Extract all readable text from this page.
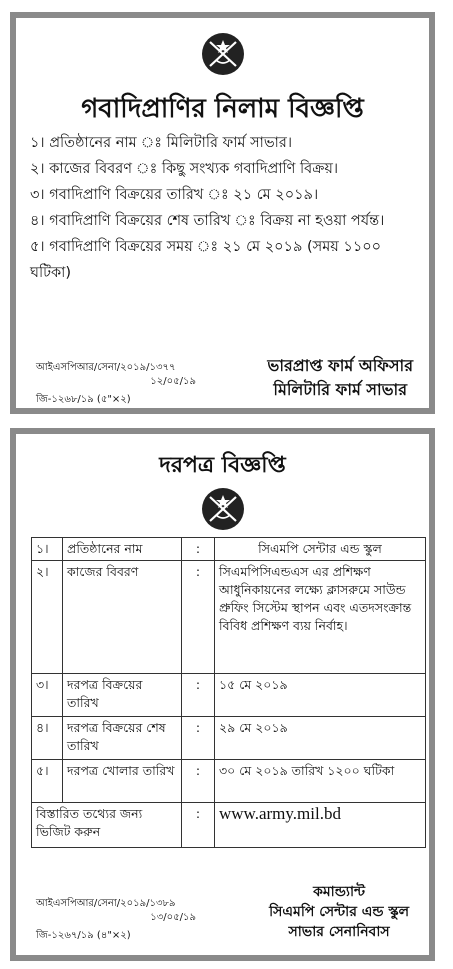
গবাদিপ্রাণির নিলাম বিজ্ঞপ্তি

১। প্রতিষ্ঠানের নাম ঃ মিলিটারি ফার্ম সাভার।

২। কাজের বিবরণ ঃ কিছু সংখ্যক গবাদিপ্রাণি বিক্রয়।

৩। গবাদিপ্রাণি বিক্রয়ের তারিখ ঃ ২১ মে ২০১৯।

৪। গবাদিপ্রাণি বিক্রয়ের শেষ তারিখ ঃ বিক্রয় না হওয়া পর্যন্ত।

৫। গবাদিপ্রাণি বিক্রয়ের সময় ঃ ২১ মে ২০১৯ (সময় ১১০০ ঘটিকা)

আইএসপিআর/সেনা/২০১৯/১৩৭৭
১২/০৫/১৯
জি-১২৬৮/১৯ (৫"×২)
ভারপ্রাপ্ত ফার্ম অফিসার
মিলিটারি ফার্ম সাভার
দরপত্র বিজ্ঞপ্তি
১।	প্রতিষ্ঠানের নাম	:	সিএমপি সেন্টার এন্ড স্কুল
২।	কাজের বিবরণ	:	সিএমপিসিএন্ডএস এর প্রশিক্ষণ আধুনিকায়নের লক্ষ্যে ক্লাসরুমে সাউন্ড প্রুফিং সিস্টেম স্থাপন এবং এতদসংক্রান্ত বিবিধ প্রশিক্ষণ ব্যয় নির্বাহ।
৩।	দরপত্র বিক্রয়ের তারিখ	:	১৫ মে ২০১৯
৪।	দরপত্র বিক্রয়ের শেষ তারিখ	:	২৯ মে ২০১৯
৫।	দরপত্র খোলার তারিখ	:	৩০ মে ২০১৯ তারিখ ১২০০ ঘটিকা
বিস্তারিত তথ্যের জন্য ভিজিট করুন		:	www.army.mil.bd
আইএসপিআর/সেনা/২০১৯/১৩৮৯
১৩/০৫/১৯
জি-১২৬৭/১৯ (৪"×২)
কমান্ড্যান্ট
সিএমপি সেন্টার এন্ড স্কুল
সাভার সেনানিবাস
